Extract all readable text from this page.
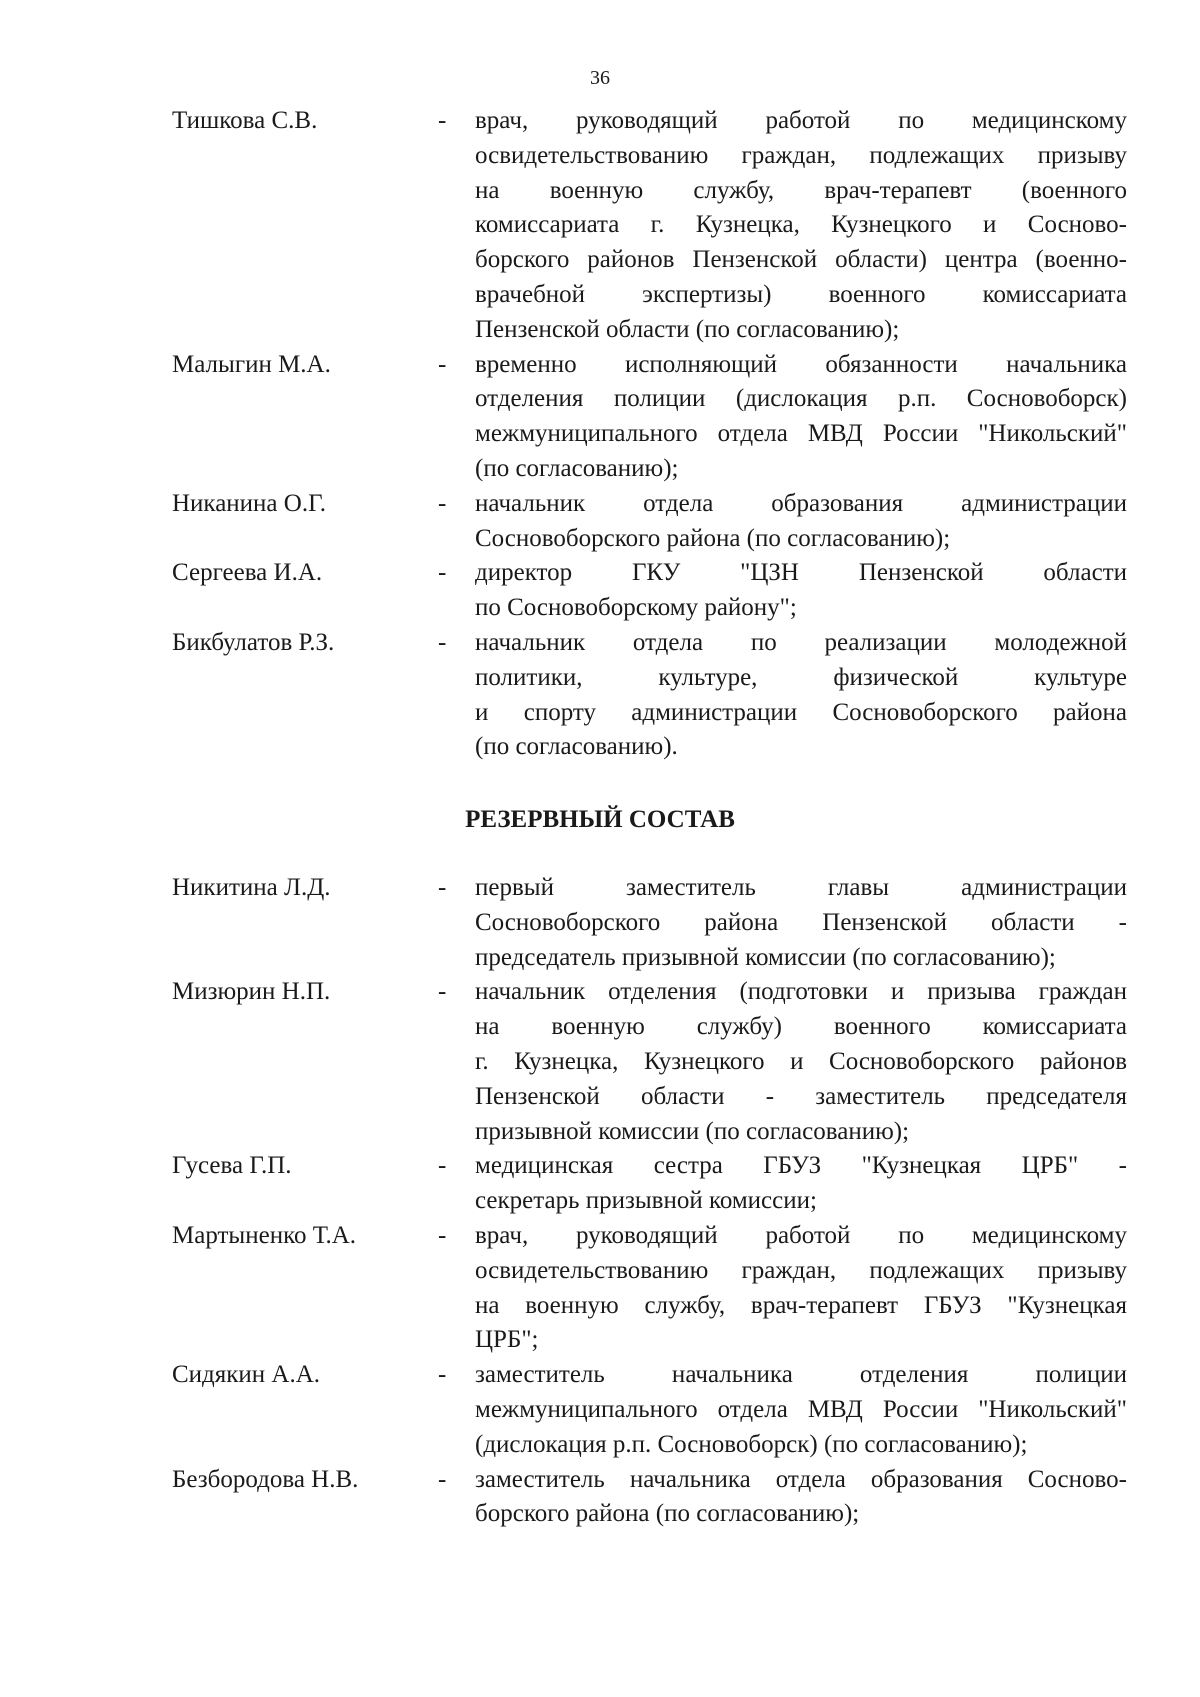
36
Тишкова С.В.	- врач, руководящий работой по медицинскому
освидетельствованию граждан, подлежащих призыву
на военную службу, врач-терапевт (военного
комиссариата г. Кузнецка, Кузнецкого и Сосново-
борского районов Пензенской области) центра (военно-
врачебной экспертизы) военного комиссариата
Пензенской области (по согласованию);
Малыгин М.А.	- временно исполняющий обязанности начальника
отделения полиции (дислокация р.п. Сосновоборск)
межмуниципального отдела МВД России "Никольский"
(по согласованию);
Никанина О.Г.	- начальник отдела образования администрации
Сосновоборского района (по согласованию);
Сергеева И.А.	- директор ГКУ "ЦЗН Пензенской области
по Сосновоборскому району";
Бикбулатов Р.З.	- начальник отдела по реализации молодежной
политики, культуре, физической культуре
и спорту администрации Сосновоборского района
(по согласованию).
РЕЗЕРВНЫЙ СОСТАВ
Никитина Л.Д.	- первый заместитель главы администрации
Сосновоборского района Пензенской области -
председатель призывной комиссии (по согласованию);
Мизюрин Н.П.	- начальник отделения (подготовки и призыва граждан
на военную службу) военного комиссариата
г. Кузнецка, Кузнецкого и Сосновоборского районов
Пензенской области - заместитель председателя
призывной комиссии (по согласованию);
Гусева Г.П.	- медицинская сестра ГБУЗ "Кузнецкая ЦРБ" -
секретарь призывной комиссии;
Мартыненко Т.А.	- врач, руководящий работой по медицинскому
освидетельствованию граждан, подлежащих призыву
на военную службу, врач-терапевт ГБУЗ "Кузнецкая
ЦРБ";
Сидякин А.А.	- заместитель начальника отделения полиции
межмуниципального отдела МВД России "Никольский"
(дислокация р.п. Сосновоборск) (по согласованию);
Безбородова Н.В.	- заместитель начальника отдела образования Сосново-
борского района (по согласованию);
